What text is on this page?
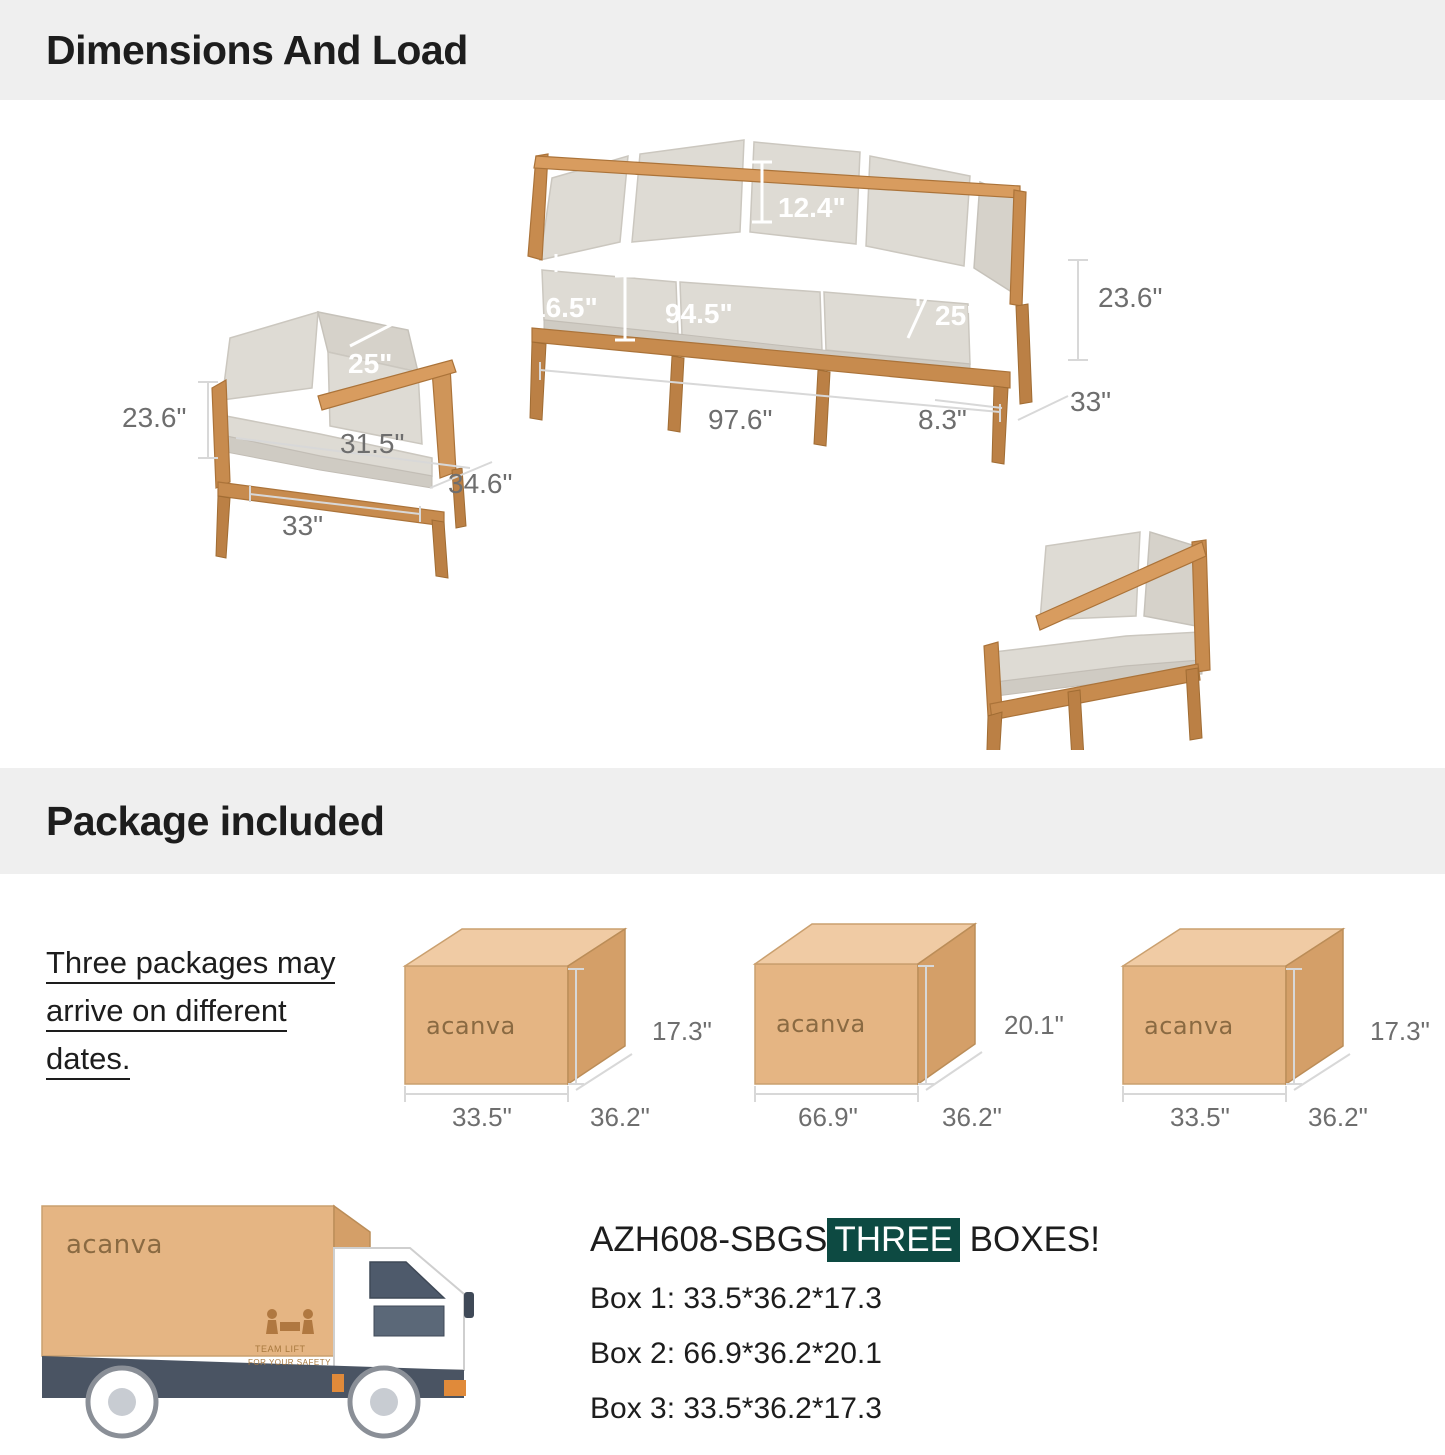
Dimensions And Load
12.4"
25"
31.5"
34.6"
23.6"
33"
12.4"
16.5" 94.5"	25"
23.6"
97.6"	8.3"
33"
Package included
Three packages may arrive on different dates.
acanva	17.3"
33.5"	36.2"
acanva	20.1"
66.9"	36.2"
acanva	17.3"
33.5"	36.2"
acanva
TEAM LIFT
FOR YOUR SAFETY
AZH608-SBGS THREE BOXES!
Box 1: 33.5*36.2*17.3
Box 2: 66.9*36.2*20.1
Box 3: 33.5*36.2*17.3
